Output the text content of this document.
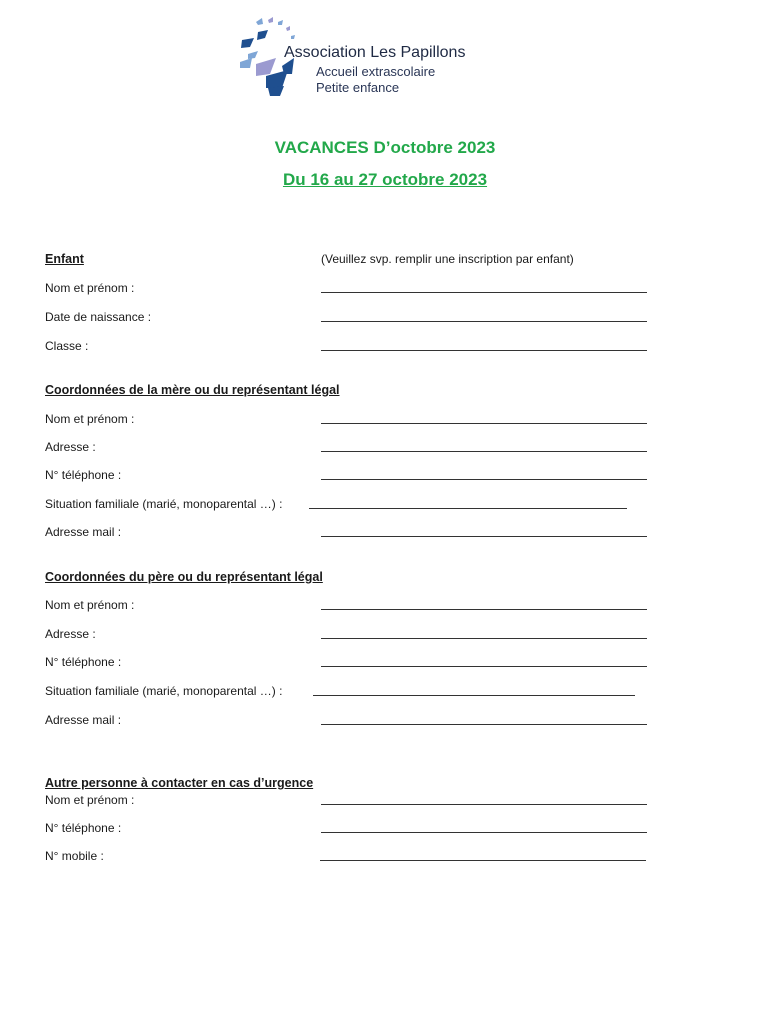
Association Les Papillons
Accueil extrascolaire
Petite enfance
VACANCES D’octobre 2023
Du 16 au 27 octobre 2023
Enfant	(Veuillez svp. remplir une inscription par enfant)
Nom et prénom :
Date de naissance :
Classe :
Coordonnées de la mère ou du représentant légal
Nom et prénom :
Adresse :
N° téléphone :
Situation familiale (marié, monoparental …) :
Adresse mail :
Coordonnées du père ou du représentant légal
Nom et prénom :
Adresse :
N° téléphone :
Situation familiale (marié, monoparental …) :
Adresse mail :
Autre personne à contacter en cas d’urgence
Nom et prénom :
N° téléphone :
N° mobile :
